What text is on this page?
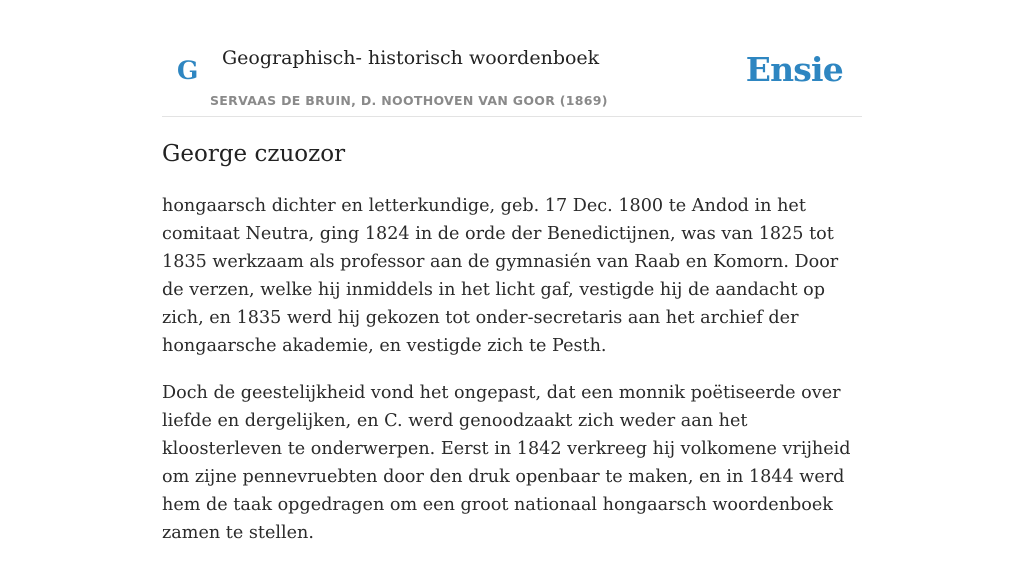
G Geographisch- historisch woordenboek
SERVAAS DE BRUIN, D. NOOTHOVEN VAN GOOR (1869)
Ensie
George czuozor

hongaarsch dichter en letterkundige, geb. 17 Dec. 1800 te Andod in het comitaat Neutra, ging 1824 in de orde der Benedictijnen, was van 1825 tot 1835 werkzaam als professor aan de gymnasién van Raab en Komorn. Door de verzen, welke hij inmiddels in het licht gaf, vestigde hij de aandacht op zich, en 1835 werd hij gekozen tot onder-secretaris aan het archief der hongaarsche akademie, en vestigde zich te Pesth.

Doch de geestelijkheid vond het ongepast, dat een monnik poëtiseerde over liefde en dergelijken, en C. werd genoodzaakt zich weder aan het kloosterleven te onderwerpen. Eerst in 1842 verkreeg hij volkomene vrijheid om zijne pennevruebten door den druk openbaar te maken, en in 1844 werd hem de taak opgedragen om een groot nationaal hongaarsch woordenboek zamen te stellen.
